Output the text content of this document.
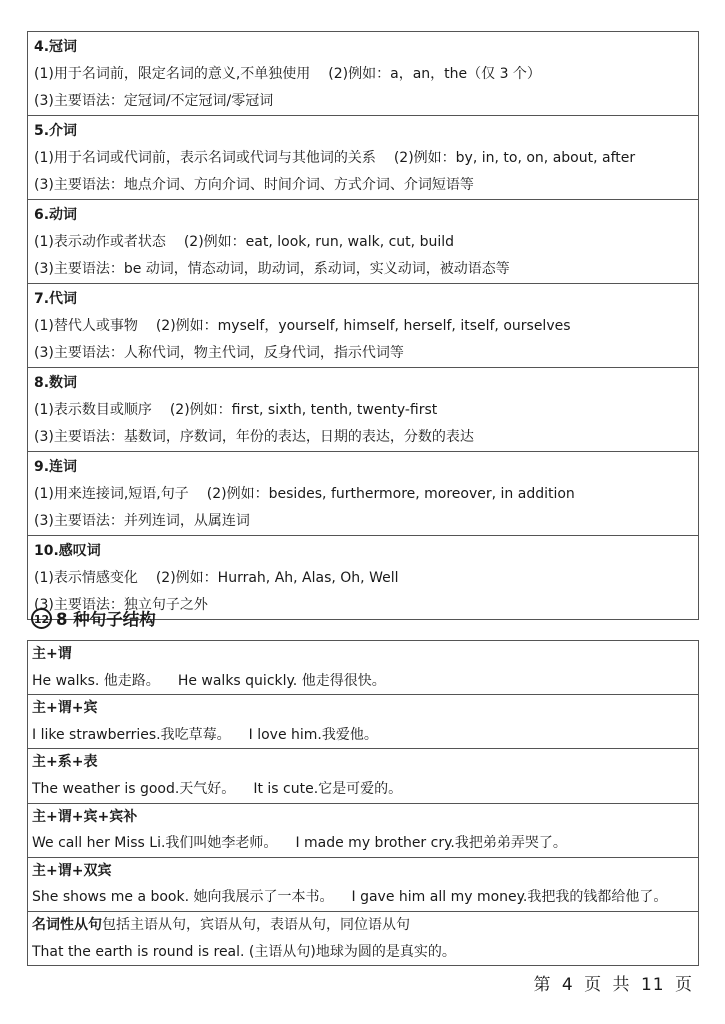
4.冠词
(1)用于名词前，限定名词的意义,不单独使用 (2)例如：a，an，the（仅 3 个）
(3)主要语法：定冠词/不定冠词/零冠词
5.介词
(1)用于名词或代词前，表示名词或代词与其他词的关系 (2)例如：by, in, to, on, about, after
(3)主要语法：地点介词、方向介词、时间介词、方式介词、介词短语等
6.动词
(1)表示动作或者状态 (2)例如：eat, look, run, walk, cut, build
(3)主要语法：be 动词，情态动词，助动词，系动词，实义动词，被动语态等
7.代词
(1)替代人或事物 (2)例如：myself，yourself, himself, herself, itself, ourselves
(3)主要语法：人称代词，物主代词，反身代词，指示代词等
8.数词
(1)表示数目或顺序 (2)例如：first, sixth, tenth, twenty-first
(3)主要语法：基数词，序数词，年份的表达，日期的表达，分数的表达
9.连词
(1)用来连接词,短语,句子 (2)例如：besides, furthermore, moreover, in addition
(3)主要语法：并列连词，从属连词
10.感叹词
(1)表示情感变化 (2)例如：Hurrah, Ah, Alas, Oh, Well
(3)主要语法：独立句子之外
12 8 种句子结构
主+谓
He walks. 他走路。 He walks quickly. 他走得很快。
主+谓+宾
I like strawberries.我吃草莓。 I love him.我爱他。
主+系+表
The weather is good.天气好。 It is cute.它是可爱的。
主+谓+宾+宾补
We call her Miss Li.我们叫她李老师。 I made my brother cry.我把弟弟弄哭了。
主+谓+双宾
She shows me a book. 她向我展示了一本书。 I gave him all my money.我把我的钱都给他了。
名词性从句包括主语从句，宾语从句，表语从句，同位语从句
That the earth is round is real. (主语从句)地球为圆的是真实的。
第 4 页 共 11 页
